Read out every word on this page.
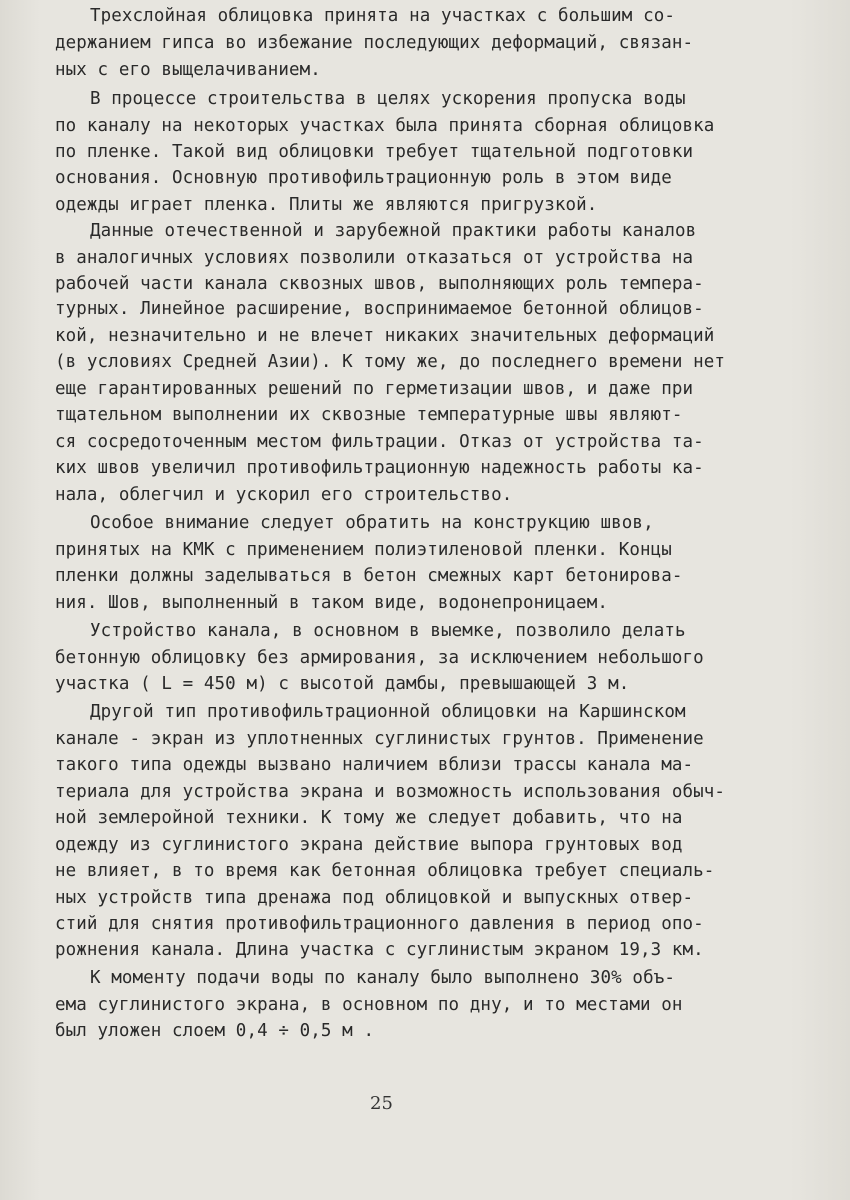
Трехслойная облицовка принята на участках с большим со-
держанием гипса во избежание последующих деформаций, связан-
ных с его выщелачиванием.
В процессе строительства в целях ускорения пропуска воды
по каналу на некоторых участках была принята сборная облицовка
по пленке. Такой вид облицовки требует тщательной подготовки
основания. Основную противофильтрационную роль в этом виде
одежды играет пленка. Плиты же являются пригрузкой.
Данные отечественной и зарубежной практики работы каналов
в аналогичных условиях позволили отказаться от устройства на
рабочей части канала сквозных швов, выполняющих роль темпера-
турных. Линейное расширение, воспринимаемое бетонной облицов-
кой, незначительно и не влечет никаких значительных деформаций
(в условиях Средней Азии). К тому же, до последнего времени нет
еще гарантированных решений по герметизации швов, и даже при
тщательном выполнении их сквозные температурные швы являют-
ся сосредоточенным местом фильтрации. Отказ от устройства та-
ких швов увеличил противофильтрационную надежность работы ка-
нала, облегчил и ускорил его строительство.
Особое внимание следует обратить на конструкцию швов,
принятых на КМК с применением полиэтиленовой пленки. Концы
пленки должны заделываться в бетон смежных карт бетонирова-
ния. Шов, выполненный в таком виде, водонепроницаем.
Устройство канала, в основном в выемке, позволило делать
бетонную облицовку без армирования, за исключением небольшого
участка ( L = 450 м) с высотой дамбы, превышающей 3 м.
Другой тип противофильтрационной облицовки на Каршинском
канале - экран из уплотненных суглинистых грунтов. Применение
такого типа одежды вызвано наличием вблизи трассы канала ма-
териала для устройства экрана и возможность использования обыч-
ной землеройной техники. К тому же следует добавить, что на
одежду из суглинистого экрана действие выпора грунтовых вод
не влияет, в то время как бетонная облицовка требует специаль-
ных устройств типа дренажа под облицовкой и выпускных отвер-
стий для снятия противофильтрационного давления в период опо-
рожнения канала. Длина участка с суглинистым экраном 19,3 км.
К моменту подачи воды по каналу было выполнено 30% объ-
ема суглинистого экрана, в основном по дну, и то местами он
был уложен слоем 0,4 ÷ 0,5 м .
25
